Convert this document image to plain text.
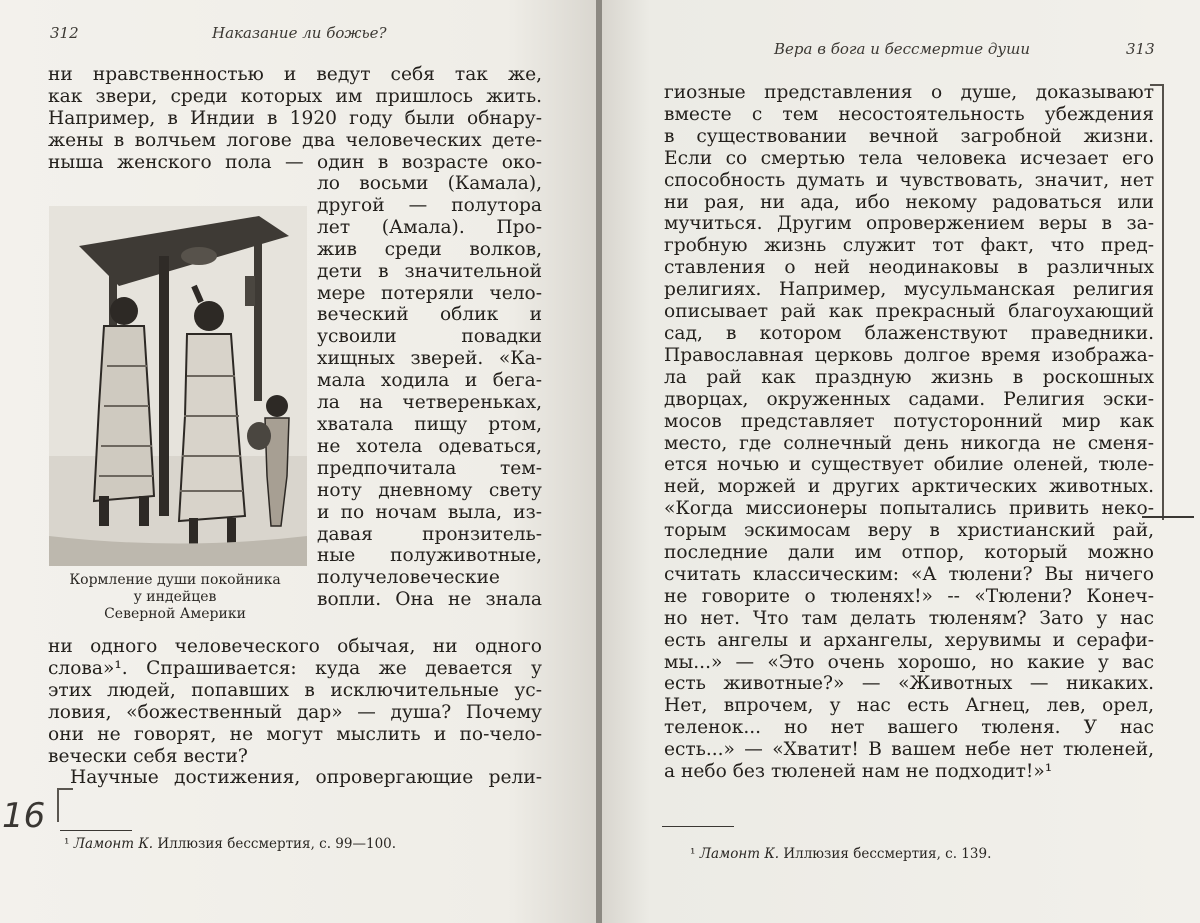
312	Наказание ли божье?
ни нравственностью и ведут себя так же,
как звери, среди которых им пришлось жить.
Например, в Индии в 1920 году были обнару-
жены в волчьем логове два человеческих дете-
ныша женского пола — один в возрасте око-
ло восьми (Камала),
другой — полутора
лет (Амала). Про-
жив среди волков,
дети в значительной
мере потеряли чело-
веческий облик и
усвоили повадки
хищных зверей. «Ка-
мала ходила и бега-
ла на четвереньках,
хватала пищу ртом,
не хотела одеваться,
предпочитала тем-
ноту дневному свету
и по ночам выла, из-
давая пронзитель-
ные полуживотные,
получеловеческие
вопли. Она не знала
Кормление души покойника
у индейцев
Северной Америки
ни одного человеческого обычая, ни одного
слова»¹. Спрашивается: куда же девается у
этих людей, попавших в исключительные ус-
ловия, «божественный дар» — душа? Почему
они не говорят, не могут мыслить и по-чело-
вечески себя вести?
Научные достижения, опровергающие рели-
16
¹ Ламонт К. Иллюзия бессмертия, с. 99—100.
Вера в бога и бессмертие души	313
гиозные представления о душе, доказывают
вместе с тем несостоятельность убеждения
в существовании вечной загробной жизни.
Если со смертью тела человека исчезает его
способность думать и чувствовать, значит, нет
ни рая, ни ада, ибо некому радоваться или
мучиться. Другим опровержением веры в за-
гробную жизнь служит тот факт, что пред-
ставления о ней неодинаковы в различных
религиях. Например, мусульманская религия
описывает рай как прекрасный благоухающий
сад, в котором блаженствуют праведники.
Православная церковь долгое время изобража-
ла рай как праздную жизнь в роскошных
дворцах, окруженных садами. Религия эски-
мосов представляет потусторонний мир как
место, где солнечный день никогда не сменя-
ется ночью и существует обилие оленей, тюле-
ней, моржей и других арктических животных.
«Когда миссионеры попытались привить неко-
торым эскимосам веру в христианский рай,
последние дали им отпор, который можно
считать классическим: «А тюлени? Вы ничего
не говорите о тюленях!» -- «Тюлени? Конеч-
но нет. Что там делать тюленям? Зато у нас
есть ангелы и архангелы, херувимы и серафи-
мы...» — «Это очень хорошо, но какие у вас
есть животные?» — «Животных — никаких.
Нет, впрочем, у нас есть Агнец, лев, орел,
теленок... но нет вашего тюленя. У нас
есть...» — «Хватит! В вашем небе нет тюленей,
а небо без тюленей нам не подходит!»¹
¹ Ламонт К. Иллюзия бессмертия, с. 139.
